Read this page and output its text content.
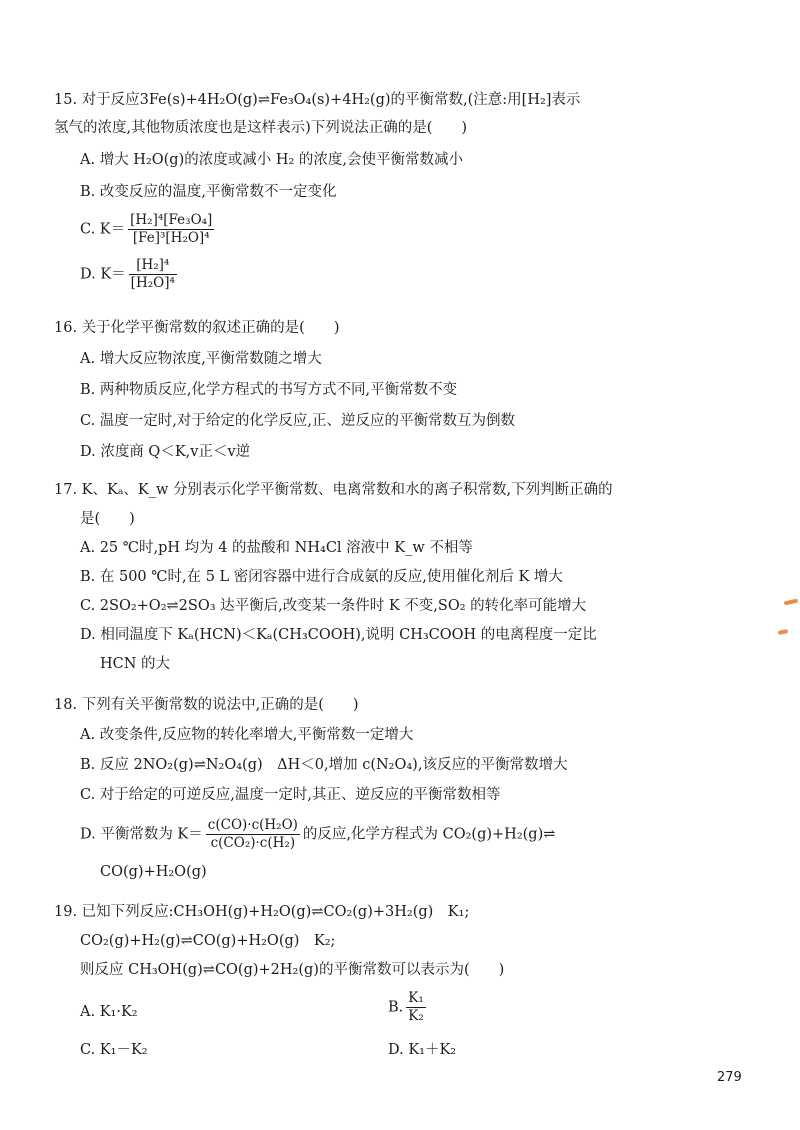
15. 对于反应3Fe(s)+4H₂O(g)⇌Fe₃O₄(s)+4H₂(g)的平衡常数,(注意:用[H₂]表示
氢气的浓度,其他物质浓度也是这样表示)下列说法正确的是(　　)
A. 增大 H₂O(g)的浓度或减小 H₂ 的浓度,会使平衡常数减小
B. 改变反应的温度,平衡常数不一定变化
C. $K= \frac{\text{[H₂]⁴[Fe₃O₄]}}{\text{[Fe]³[H₂O]⁴}}$
D. $K= \frac{\text{[H₂]⁴}}{\text{[H₂O]⁴}}$
16. 关于化学平衡常数的叙述正确的是(　　)
A. 增大反应物浓度,平衡常数随之增大
B. 两种物质反应,化学方程式的书写方式不同,平衡常数不变
C. 温度一定时,对于给定的化学反应,正、逆反应的平衡常数互为倒数
D. 浓度商 Q＜K,v正＜v逆
17. K、Kₐ、K_w 分别表示化学平衡常数、电离常数和水的离子积常数,下列判断正确的
是(　　)
A. 25 ℃时,pH 均为 4 的盐酸和 NH₄Cl 溶液中 K_w 不相等
B. 在 500 ℃时,在 5 L 密闭容器中进行合成氨的反应,使用催化剂后 K 增大
C. 2SO₂+O₂⇌2SO₃ 达平衡后,改变某一条件时 K 不变,SO₂ 的转化率可能增大
D. 相同温度下 Kₐ(HCN)＜Kₐ(CH₃COOH),说明 CH₃COOH 的电离程度一定比
HCN 的大
18. 下列有关平衡常数的说法中,正确的是(　　)
A. 改变条件,反应物的转化率增大,平衡常数一定增大
B. 反应 2NO₂(g)⇌N₂O₄(g)　ΔH＜0,增加 c(N₂O₄),该反应的平衡常数增大
C. 对于给定的可逆反应,温度一定时,其正、逆反应的平衡常数相等
D. 平衡常数为 $K= \frac{\text{c(CO)·c(H₂O)}}{\text{c(CO₂)·c(H₂)}}$ 的反应,化学方程式为 CO₂(g)+H₂(g)⇌
CO(g)+H₂O(g)
19. 已知下列反应:CH₃OH(g)+H₂O(g)⇌CO₂(g)+3H₂(g)　K₁;
CO₂(g)+H₂(g)⇌CO(g)+H₂O(g)　K₂;
则反应 CH₃OH(g)⇌CO(g)+2H₂(g)的平衡常数可以表示为(　　)
A. K₁·K₂	B. $\frac{\text{K₁}}{\text{K₂}}$
C. K₁－K₂	D. K₁＋K₂
279
